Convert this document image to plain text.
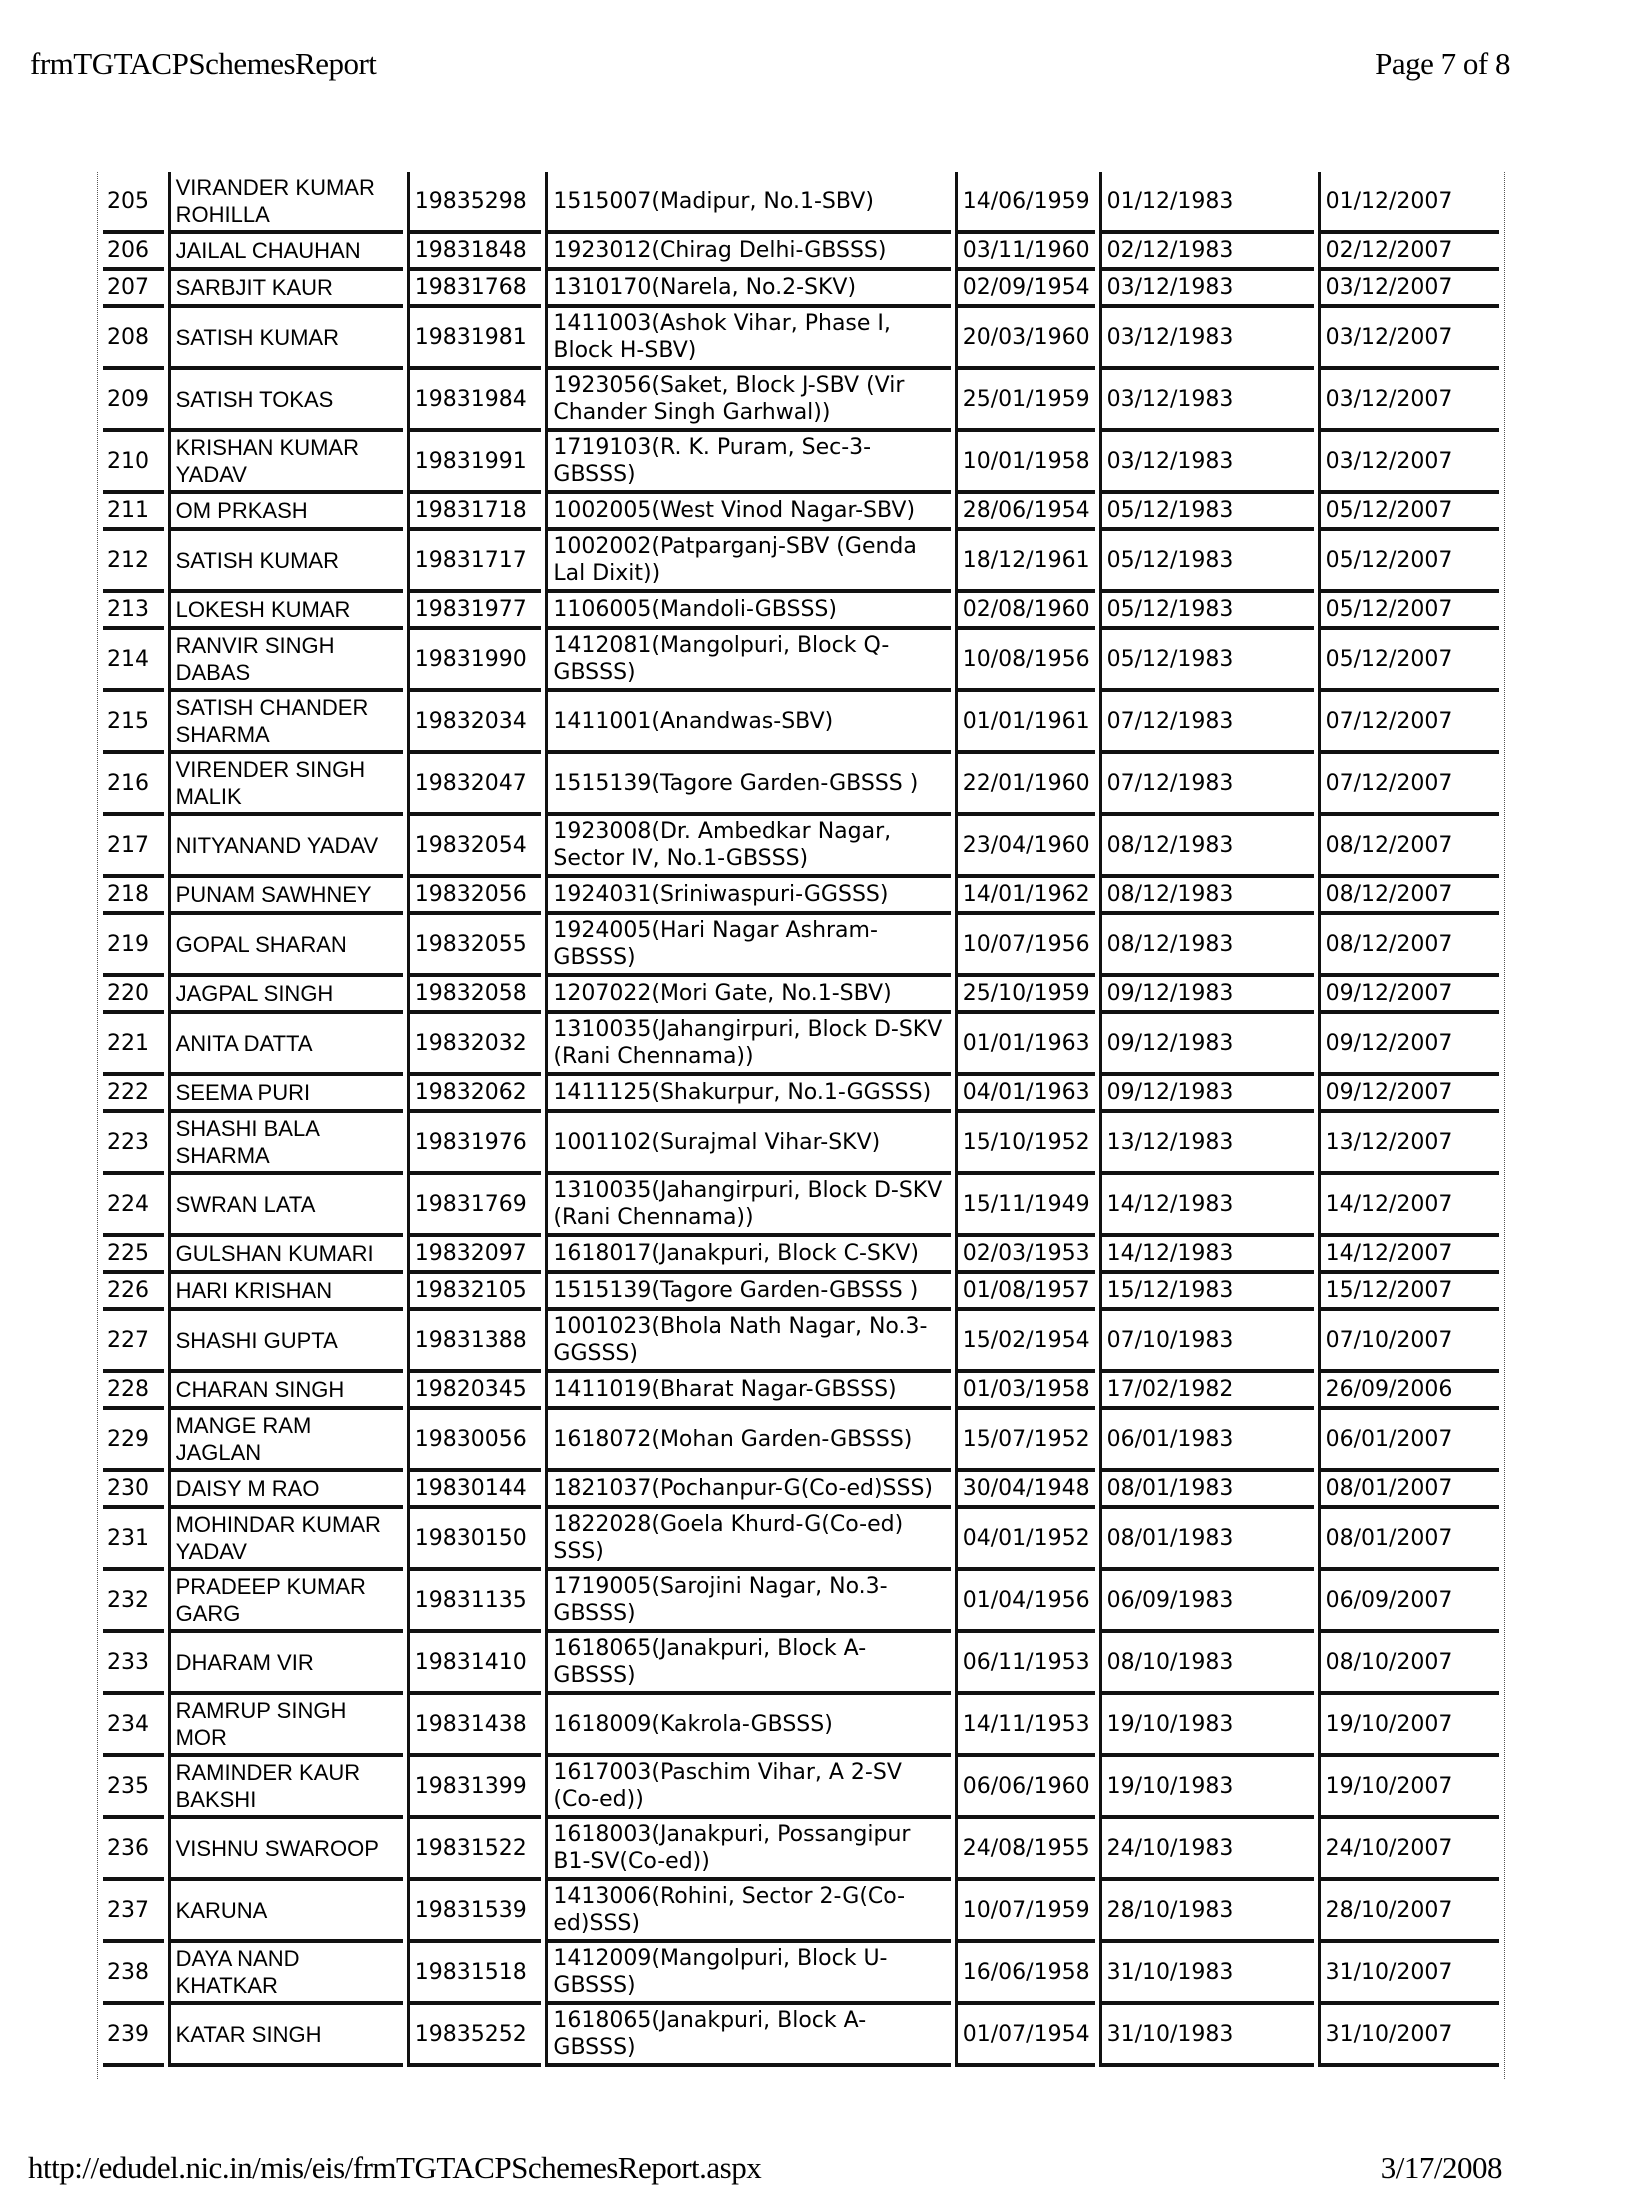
frmTGTACPSchemesReport	Page 7 of 8
205	VIRANDER KUMAR ROHILLA	19835298	1515007(Madipur, No.1-SBV)	14/06/1959	01/12/1983	01/12/2007
206	JAILAL CHAUHAN	19831848	1923012(Chirag Delhi-GBSSS)	03/11/1960	02/12/1983	02/12/2007
207	SARBJIT KAUR	19831768	1310170(Narela, No.2-SKV)	02/09/1954	03/12/1983	03/12/2007
208	SATISH KUMAR	19831981	1411003(Ashok Vihar, Phase I, Block H-SBV)	20/03/1960	03/12/1983	03/12/2007
209	SATISH TOKAS	19831984	1923056(Saket, Block J-SBV (Vir Chander Singh Garhwal))	25/01/1959	03/12/1983	03/12/2007
210	KRISHAN KUMAR YADAV	19831991	1719103(R. K. Puram, Sec-3-GBSSS)	10/01/1958	03/12/1983	03/12/2007
211	OM PRKASH	19831718	1002005(West Vinod Nagar-SBV)	28/06/1954	05/12/1983	05/12/2007
212	SATISH KUMAR	19831717	1002002(Patparganj-SBV (Genda Lal Dixit))	18/12/1961	05/12/1983	05/12/2007
213	LOKESH KUMAR	19831977	1106005(Mandoli-GBSSS)	02/08/1960	05/12/1983	05/12/2007
214	RANVIR SINGH DABAS	19831990	1412081(Mangolpuri, Block Q-GBSSS)	10/08/1956	05/12/1983	05/12/2007
215	SATISH CHANDER SHARMA	19832034	1411001(Anandwas-SBV)	01/01/1961	07/12/1983	07/12/2007
216	VIRENDER SINGH MALIK	19832047	1515139(Tagore Garden-GBSSS )	22/01/1960	07/12/1983	07/12/2007
217	NITYANAND YADAV	19832054	1923008(Dr. Ambedkar Nagar, Sector IV, No.1-GBSSS)	23/04/1960	08/12/1983	08/12/2007
218	PUNAM SAWHNEY	19832056	1924031(Sriniwaspuri-GGSSS)	14/01/1962	08/12/1983	08/12/2007
219	GOPAL SHARAN	19832055	1924005(Hari Nagar Ashram-GBSSS)	10/07/1956	08/12/1983	08/12/2007
220	JAGPAL SINGH	19832058	1207022(Mori Gate, No.1-SBV)	25/10/1959	09/12/1983	09/12/2007
221	ANITA DATTA	19832032	1310035(Jahangirpuri, Block D-SKV (Rani Chennama))	01/01/1963	09/12/1983	09/12/2007
222	SEEMA PURI	19832062	1411125(Shakurpur, No.1-GGSSS)	04/01/1963	09/12/1983	09/12/2007
223	SHASHI BALA SHARMA	19831976	1001102(Surajmal Vihar-SKV)	15/10/1952	13/12/1983	13/12/2007
224	SWRAN LATA	19831769	1310035(Jahangirpuri, Block D-SKV (Rani Chennama))	15/11/1949	14/12/1983	14/12/2007
225	GULSHAN KUMARI	19832097	1618017(Janakpuri, Block C-SKV)	02/03/1953	14/12/1983	14/12/2007
226	HARI KRISHAN	19832105	1515139(Tagore Garden-GBSSS )	01/08/1957	15/12/1983	15/12/2007
227	SHASHI GUPTA	19831388	1001023(Bhola Nath Nagar, No.3-GGSSS)	15/02/1954	07/10/1983	07/10/2007
228	CHARAN SINGH	19820345	1411019(Bharat Nagar-GBSSS)	01/03/1958	17/02/1982	26/09/2006
229	MANGE RAM JAGLAN	19830056	1618072(Mohan Garden-GBSSS)	15/07/1952	06/01/1983	06/01/2007
230	DAISY M RAO	19830144	1821037(Pochanpur-G(Co-ed)SSS)	30/04/1948	08/01/1983	08/01/2007
231	MOHINDAR KUMAR YADAV	19830150	1822028(Goela Khurd-G(Co-ed) SSS)	04/01/1952	08/01/1983	08/01/2007
232	PRADEEP KUMAR GARG	19831135	1719005(Sarojini Nagar, No.3-GBSSS)	01/04/1956	06/09/1983	06/09/2007
233	DHARAM VIR	19831410	1618065(Janakpuri, Block A-GBSSS)	06/11/1953	08/10/1983	08/10/2007
234	RAMRUP SINGH MOR	19831438	1618009(Kakrola-GBSSS)	14/11/1953	19/10/1983	19/10/2007
235	RAMINDER KAUR BAKSHI	19831399	1617003(Paschim Vihar, A 2-SV (Co-ed))	06/06/1960	19/10/1983	19/10/2007
236	VISHNU SWAROOP	19831522	1618003(Janakpuri, Possangipur B1-SV(Co-ed))	24/08/1955	24/10/1983	24/10/2007
237	KARUNA	19831539	1413006(Rohini, Sector 2-G(Co-ed)SSS)	10/07/1959	28/10/1983	28/10/2007
238	DAYA NAND KHATKAR	19831518	1412009(Mangolpuri, Block U-GBSSS)	16/06/1958	31/10/1983	31/10/2007
239	KATAR SINGH	19835252	1618065(Janakpuri, Block A-GBSSS)	01/07/1954	31/10/1983	31/10/2007
http://edudel.nic.in/mis/eis/frmTGTACPSchemesReport.aspx	3/17/2008
